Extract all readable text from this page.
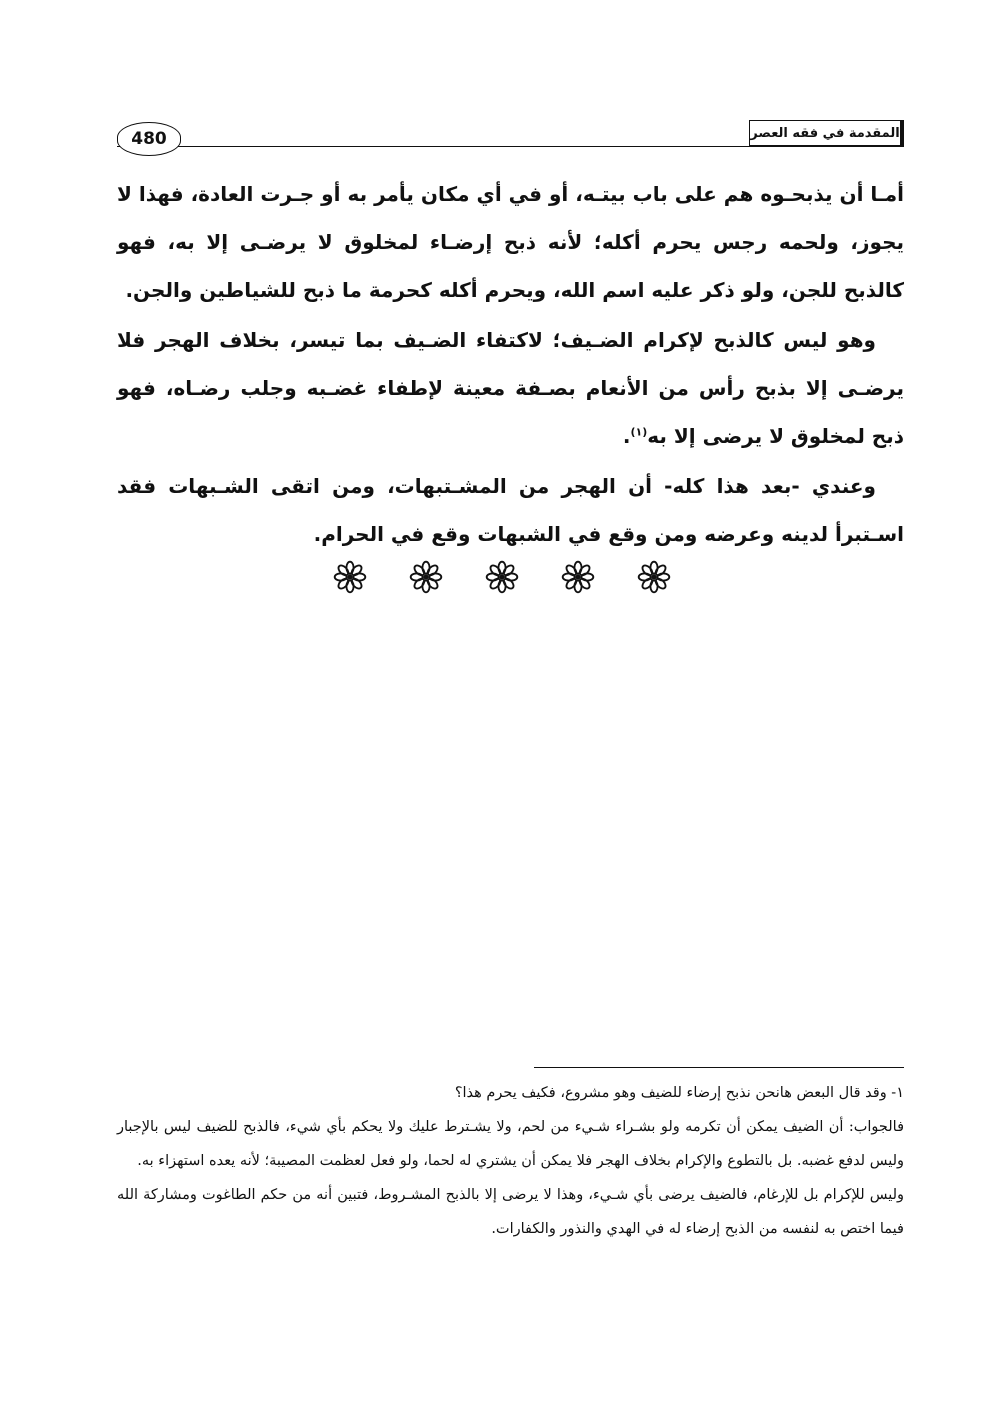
المقدمة في فقه العصر
480

أمـا أن يذبحـوه هم على باب بيتـه، أو في أي مكان يأمر به أو جـرت العادة، فهذا لا يجوز، ولحمه رجس يحرم أكله؛ لأنه ذبح إرضـاء لمخلوق لا يرضـى إلا به، فهو كالذبح للجن، ولو ذكر عليه اسم الله، ويحرم أكله كحرمة ما ذبح للشياطين والجن.

وهو ليس كالذبح لإكرام الضـيف؛ لاكتفاء الضـيف بما تيسر، بخلاف الهجر فلا يرضـى إلا بذبح رأس من الأنعام بصـفة معينة لإطفاء غضـبه وجلب رضـاه، فهو ذبح لمخلوق لا يرضى إلا به$^{(١)}$.

وعندي -بعد هذا كله- أن الهجر من المشـتبهات، ومن اتقى الشـبهات فقد اسـتبرأ لدينه وعرضه ومن وقع في الشبهات وقع في الحرام.

١- وقد قال البعض هانحن نذبح إرضاء للضيف وهو مشروع، فكيف يحرم هذا؟

فالجواب: أن الضيف يمكن أن تكرمه ولو بشـراء شـيء من لحم، ولا يشـترط عليك ولا يحكم بأي شيء، فالذبح للضيف ليس بالإجبار وليس لدفع غضبه. بل بالتطوع والإكرام بخلاف الهجر فلا يمكن أن يشتري له لحما، ولو فعل لعظمت المصيبة؛ لأنه يعده استهزاء به.

وليس للإكرام بل للإرغام، فالضيف يرضى بأي شـيء، وهذا لا يرضى إلا بالذبح المشـروط، فتبين أنه من حكم الطاغوت ومشاركة الله فيما اختص به لنفسه من الذبح إرضاء له في الهدي والنذور والكفارات.
